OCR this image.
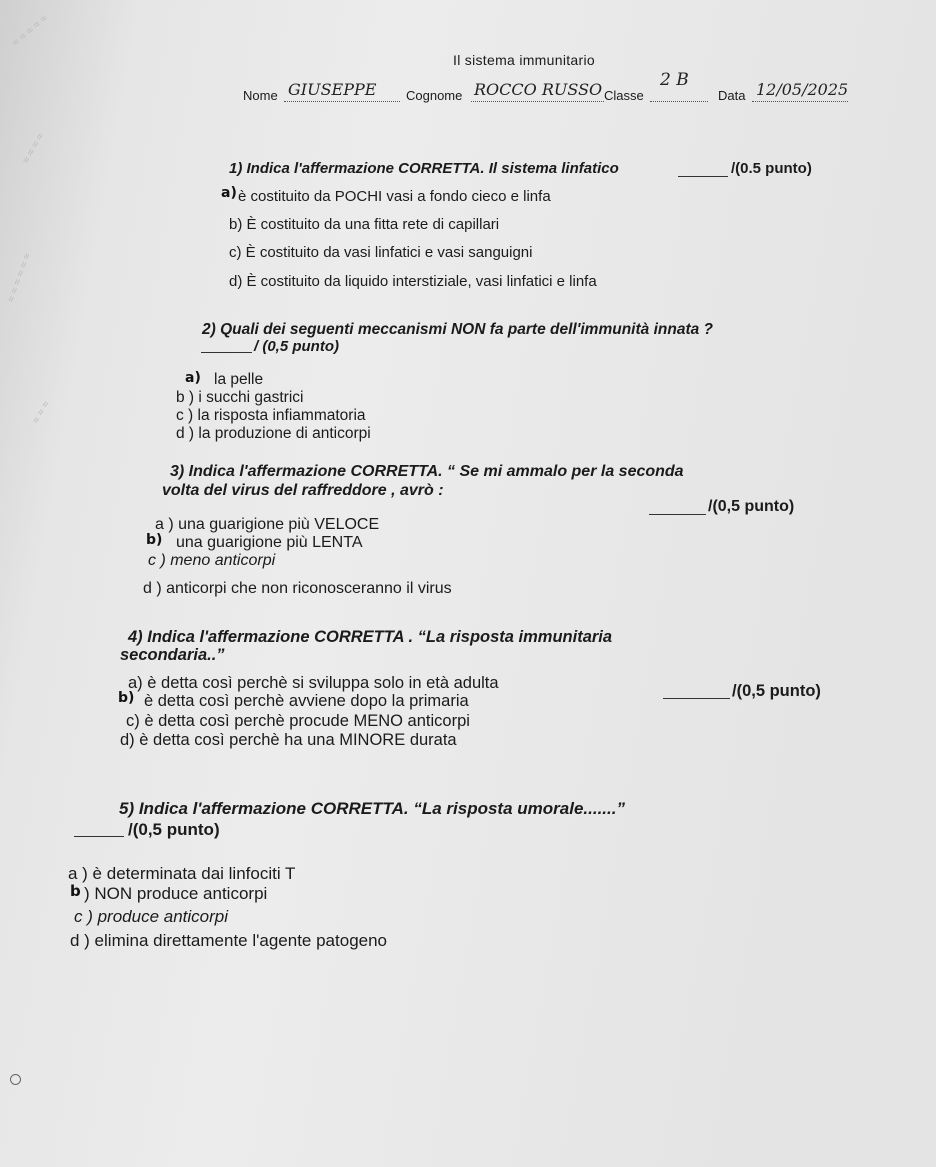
≈ ≈ ≈ ≈ ≈
≈ ≈ ≈ ≈
≈ ≈ ≈ ≈ ≈ ≈
≈ ≈ ≈
Il sistema immunitario
Nome GIUSEPPE Cognome ROCCO RUSSO Classe
2 B
Data 12/05/2025
1) Indica l'affermazione CORRETTA. Il sistema linfatico	/(0.5 punto)
a) è costituito da POCHI vasi a fondo cieco e linfa
b) È costituito da una fitta rete di capillari
c) È costituito da vasi linfatici e vasi sanguigni
d) È costituito da liquido interstiziale, vasi linfatici e linfa
2) Quali dei seguenti meccanismi NON fa parte dell'immunità innata ?
/ (0,5 punto)
a) la pelle
b ) i succhi gastrici
c ) la risposta infiammatoria
d ) la produzione di anticorpi
3) Indica l'affermazione CORRETTA. “ Se mi ammalo per la seconda
volta del virus del raffreddore , avrò :
/(0,5 punto)
a ) una guarigione più VELOCE
b) una guarigione più LENTA
c ) meno anticorpi
d ) anticorpi che non riconosceranno il virus
4) Indica l'affermazione CORRETTA . “La risposta immunitaria
secondaria..”
/(0,5 punto)
a) è detta così perchè si sviluppa solo in età adulta
b) è detta così perchè avviene dopo la primaria
c) è detta così perchè procude MENO anticorpi
d) è detta così perchè ha una MINORE durata
5) Indica l'affermazione CORRETTA. “La risposta umorale.......”
/(0,5 punto)
a ) è determinata dai linfociti T
b ) NON produce anticorpi
c ) produce anticorpi
d ) elimina direttamente l'agente patogeno
